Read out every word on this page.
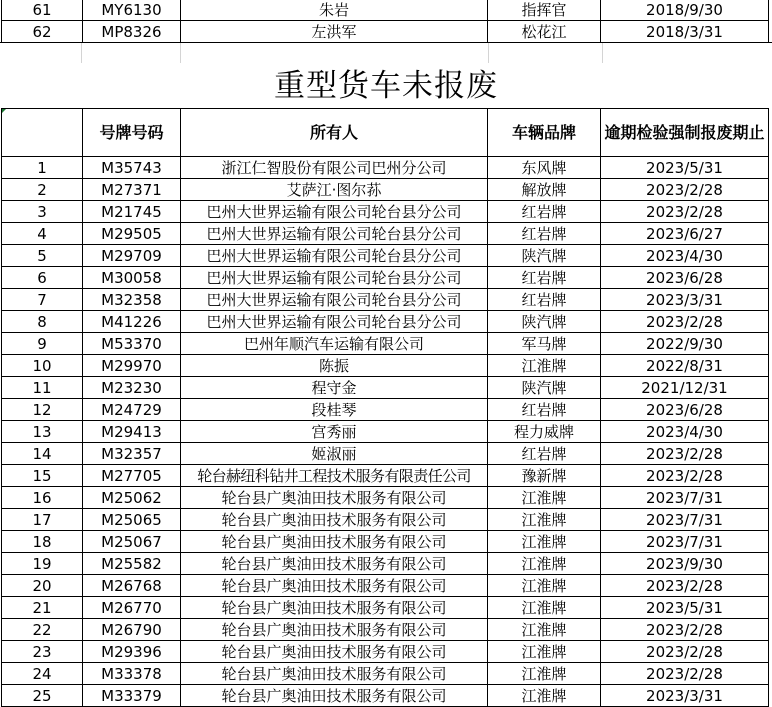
61	MY6130	朱岩	指挥官	2018/9/30
62	MP8326	左洪军	松花江	2018/3/31
重型货车未报废
	号牌号码	所有人	车辆品牌	逾期检验强制报废期止
1	M35743	浙江仁智股份有限公司巴州分公司	东风牌	2023/5/31
2	M27371	艾萨江·图尔荪	解放牌	2023/2/28
3	M21745	巴州大世界运输有限公司轮台县分公司	红岩牌	2023/2/28
4	M29505	巴州大世界运输有限公司轮台县分公司	红岩牌	2023/6/27
5	M29709	巴州大世界运输有限公司轮台县分公司	陕汽牌	2023/4/30
6	M30058	巴州大世界运输有限公司轮台县分公司	红岩牌	2023/6/28
7	M32358	巴州大世界运输有限公司轮台县分公司	红岩牌	2023/3/31
8	M41226	巴州大世界运输有限公司轮台县分公司	陕汽牌	2023/2/28
9	M53370	巴州年顺汽车运输有限公司	军马牌	2022/9/30
10	M29970	陈振	江淮牌	2022/8/31
11	M23230	程守金	陕汽牌	2021/12/31
12	M24729	段桂琴	红岩牌	2023/6/28
13	M29413	宫秀丽	程力威牌	2023/4/30
14	M32357	姬淑丽	红岩牌	2023/2/28
15	M27705	轮台赫纽科钻井工程技术服务有限责任公司	豫新牌	2023/2/28
16	M25062	轮台县广奥油田技术服务有限公司	江淮牌	2023/7/31
17	M25065	轮台县广奥油田技术服务有限公司	江淮牌	2023/7/31
18	M25067	轮台县广奥油田技术服务有限公司	江淮牌	2023/7/31
19	M25582	轮台县广奥油田技术服务有限公司	江淮牌	2023/9/30
20	M26768	轮台县广奥油田技术服务有限公司	江淮牌	2023/2/28
21	M26770	轮台县广奥油田技术服务有限公司	江淮牌	2023/5/31
22	M26790	轮台县广奥油田技术服务有限公司	江淮牌	2023/2/28
23	M29396	轮台县广奥油田技术服务有限公司	江淮牌	2023/2/28
24	M33378	轮台县广奥油田技术服务有限公司	江淮牌	2023/2/28
25	M33379	轮台县广奥油田技术服务有限公司	江淮牌	2023/3/31
